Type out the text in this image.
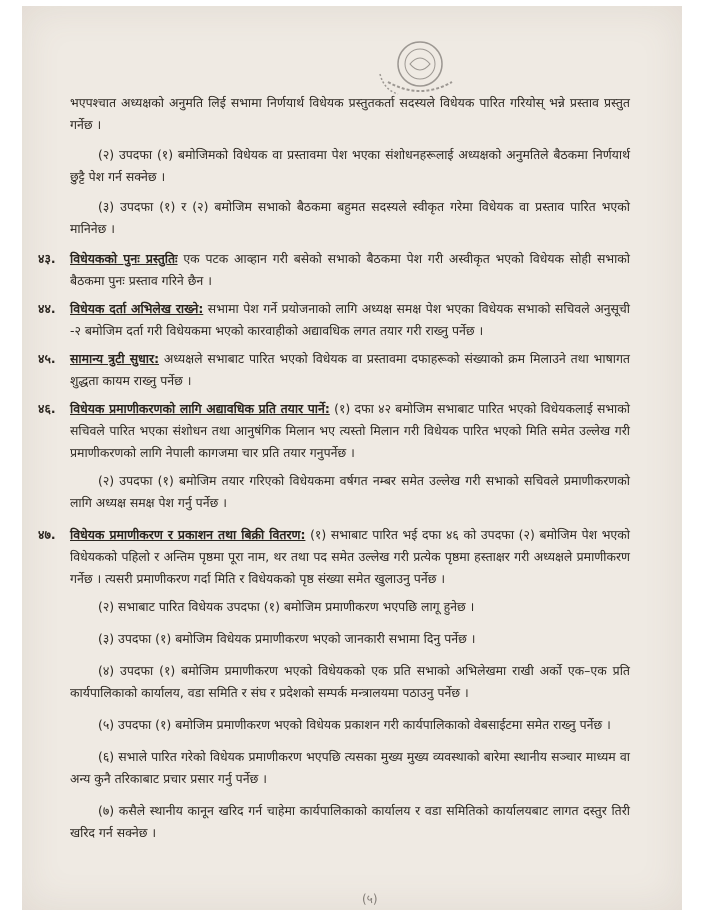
(५)

भएपश्चात अध्यक्षको अनुमति लिई सभामा निर्णयार्थ विधेयक प्रस्तुतकर्ता सदस्यले विधेयक पारित गरियोस् भन्ने प्रस्ताव प्रस्तुत गर्नेछ ।

(२) उपदफा (१) बमोजिमको विधेयक वा प्रस्तावमा पेश भएका संशोधनहरूलाई अध्यक्षको अनुमतिले बैठकमा निर्णयार्थ छुट्टै पेश गर्न सक्नेछ ।

(३) उपदफा (१) र (२) बमोजिम सभाको बैठकमा बहुमत सदस्यले स्वीकृत गरेमा विधेयक वा प्रस्ताव पारित भएको मानिनेछ ।

४३.	विधेयकको पुनः प्रस्तुतिः एक पटक आव्हान गरी बसेको सभाको बैठकमा पेश गरी अस्वीकृत भएको विधेयक सोही सभाको बैठकमा पुनः प्रस्ताव गरिने छैन ।

४४.	विधेयक दर्ता अभिलेख राख्ने: सभामा पेश गर्ने प्रयोजनाको लागि अध्यक्ष समक्ष पेश भएका विधेयक सभाको सचिवले अनुसूची -२ बमोजिम दर्ता गरी विधेयकमा भएको कारवाहीको अद्यावधिक लगत तयार गरी राख्नु पर्नेछ ।

४५.	सामान्य त्रुटी सुधार: अध्यक्षले सभाबाट पारित भएको विधेयक वा प्रस्तावमा दफाहरूको संख्याको क्रम मिलाउने तथा भाषागत शुद्धता कायम राख्नु पर्नेछ ।

४६.	विधेयक प्रमाणीकरणको लागि अद्यावधिक प्रति तयार पार्ने: (१) दफा ४२ बमोजिम सभाबाट पारित भएको विधेयकलाई सभाको सचिवले पारित भएका संशोधन तथा आनुषंगिक मिलान भए त्यस्तो मिलान गरी विधेयक पारित भएको मिति समेत उल्लेख गरी प्रमाणीकरणको लागि नेपाली कागजमा चार प्रति तयार गनुपर्नेछ ।

(२) उपदफा (१) बमोजिम तयार गरिएको विधेयकमा वर्षगत नम्बर समेत उल्लेख गरी सभाको सचिवले प्रमाणीकरणको लागि अध्यक्ष समक्ष पेश गर्नु पर्नेछ ।

४७.	विधेयक प्रमाणीकरण र प्रकाशन तथा बिक्री वितरण: (१) सभाबाट पारित भई दफा ४६ को उपदफा (२) बमोजिम पेश भएको विधेयकको पहिलो र अन्तिम पृष्ठमा पूरा नाम, थर तथा पद समेत उल्लेख गरी प्रत्येक पृष्ठमा हस्ताक्षर गरी अध्यक्षले प्रमाणीकरण गर्नेछ । त्यसरी प्रमाणीकरण गर्दा मिति र विधेयकको पृष्ठ संख्या समेत खुलाउनु पर्नेछ ।

(२) सभाबाट पारित विधेयक उपदफा (१) बमोजिम प्रमाणीकरण भएपछि लागू हुनेछ ।

(३) उपदफा (१) बमोजिम विधेयक प्रमाणीकरण भएको जानकारी सभामा दिनु पर्नेछ ।

(४) उपदफा (१) बमोजिम प्रमाणीकरण भएको विधेयकको एक प्रति सभाको अभिलेखमा राखी अर्को एक–एक प्रति कार्यपालिकाको कार्यालय, वडा समिति र संघ र प्रदेशको सम्पर्क मन्त्रालयमा पठाउनु पर्नेछ ।

(५) उपदफा (१) बमोजिम प्रमाणीकरण भएको विधेयक प्रकाशन गरी कार्यपालिकाको वेबसाईटमा समेत राख्नु पर्नेछ ।

(६) सभाले पारित गरेको विधेयक प्रमाणीकरण भएपछि त्यसका मुख्य मुख्य व्यवस्थाको बारेमा स्थानीय सञ्चार माध्यम वा अन्य कुनै तरिकाबाट प्रचार प्रसार गर्नु पर्नेछ ।

(७) कसैले स्थानीय कानून खरिद गर्न चाहेमा कार्यपालिकाको कार्यालय र वडा समितिको कार्यालयबाट लागत दस्तुर तिरी खरिद गर्न सक्नेछ ।
